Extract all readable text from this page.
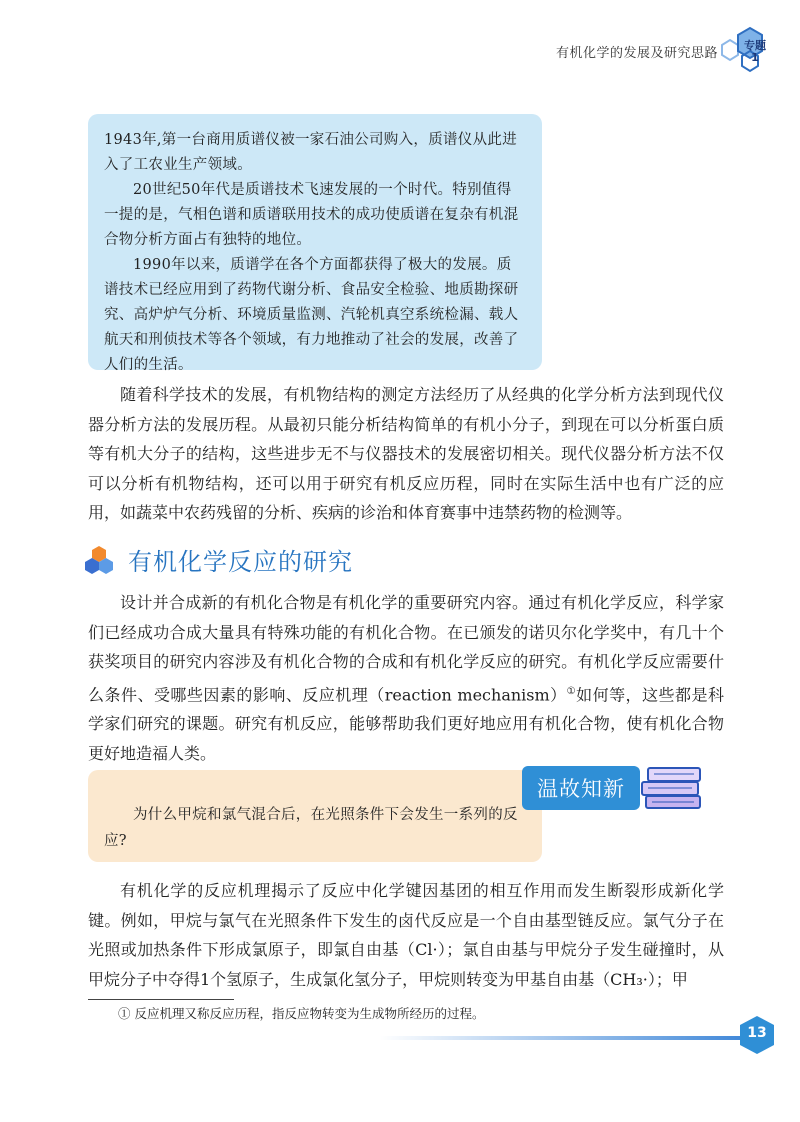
有机化学的发展及研究思路
专题
1

1943年,第一台商用质谱仪被一家石油公司购入，质谱仪从此进入了工农业生产领域。

20世纪50年代是质谱技术飞速发展的一个时代。特别值得一提的是，气相色谱和质谱联用技术的成功使质谱在复杂有机混合物分析方面占有独特的地位。

1990年以来，质谱学在各个方面都获得了极大的发展。质谱技术已经应用到了药物代谢分析、食品安全检验、地质勘探研究、高炉炉气分析、环境质量监测、汽轮机真空系统检漏、载人航天和刑侦技术等各个领域，有力地推动了社会的发展，改善了人们的生活。

随着科学技术的发展，有机物结构的测定方法经历了从经典的化学分析方法到现代仪器分析方法的发展历程。从最初只能分析结构简单的有机小分子，到现在可以分析蛋白质等有机大分子的结构，这些进步无不与仪器技术的发展密切相关。现代仪器分析方法不仅可以分析有机物结构，还可以用于研究有机反应历程，同时在实际生活中也有广泛的应用，如蔬菜中农药残留的分析、疾病的诊治和体育赛事中违禁药物的检测等。

有机化学反应的研究

设计并合成新的有机化合物是有机化学的重要研究内容。通过有机化学反应，科学家们已经成功合成大量具有特殊功能的有机化合物。在已颁发的诺贝尔化学奖中，有几十个获奖项目的研究内容涉及有机化合物的合成和有机化学反应的研究。有机化学反应需要什么条件、受哪些因素的影响、反应机理（reaction mechanism）①如何等，这些都是科学家们研究的课题。研究有机反应，能够帮助我们更好地应用有机化合物，使有机化合物更好地造福人类。

为什么甲烷和氯气混合后，在光照条件下会发生一系列的反应?

温故知新

有机化学的反应机理揭示了反应中化学键因基团的相互作用而发生断裂形成新化学键。例如，甲烷与氯气在光照条件下发生的卤代反应是一个自由基型链反应。氯气分子在光照或加热条件下形成氯原子，即氯自由基（Cl·）；氯自由基与甲烷分子发生碰撞时，从甲烷分子中夺得1个氢原子，生成氯化氢分子，甲烷则转变为甲基自由基（CH₃·）；甲

① 反应机理又称反应历程，指反应物转变为生成物所经历的过程。
13
